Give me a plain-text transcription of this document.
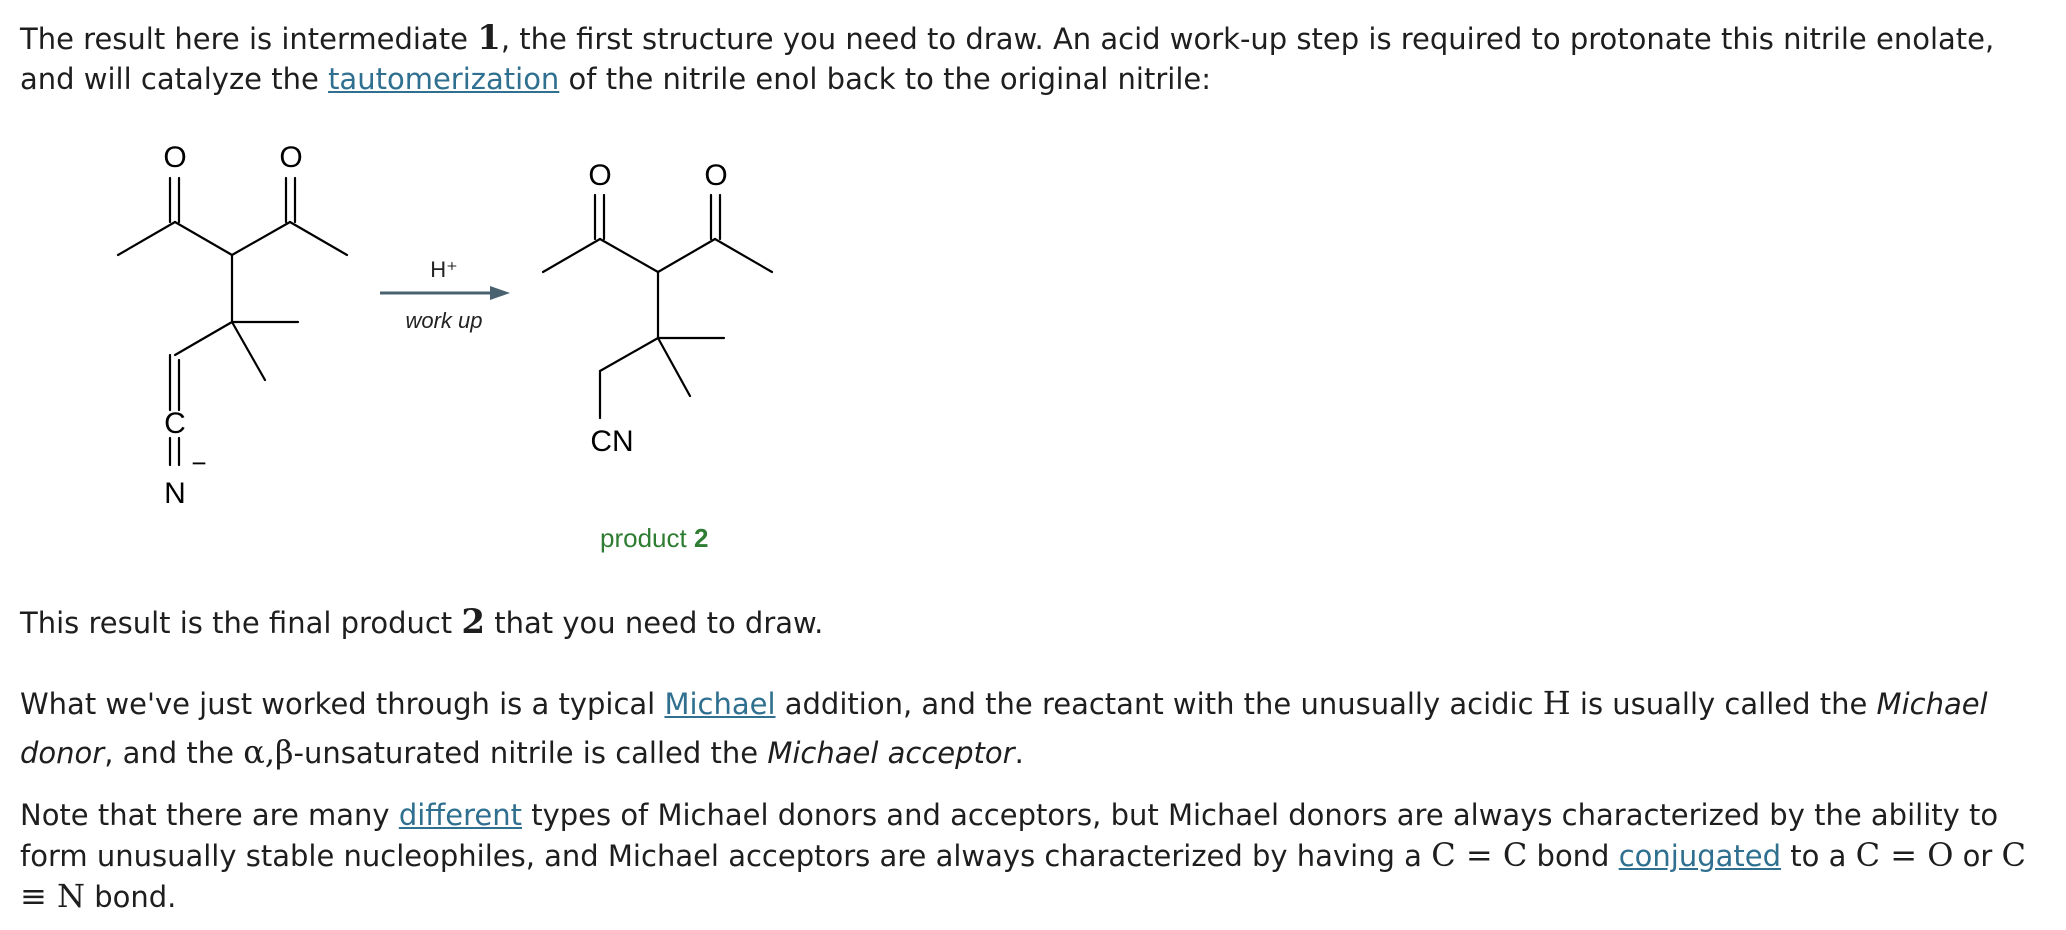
The result here is intermediate 1, the first structure you need to draw. An acid work-up step is required to protonate this nitrile enolate, and will catalyze the tautomerization of the nitrile enol back to the original nitrile:

O	O
C
N
−
H⁺
work up
O	O
CN
product 2

This result is the final product 2 that you need to draw.

What we've just worked through is a typical Michael addition, and the reactant with the unusually acidic H is usually called the Michael donor, and the α,β-unsaturated nitrile is called the Michael acceptor.

Note that there are many different types of Michael donors and acceptors, but Michael donors are always characterized by the ability to form unusually stable nucleophiles, and Michael acceptors are always characterized by having a C = C bond conjugated to a C = O or C ≡ N bond.
